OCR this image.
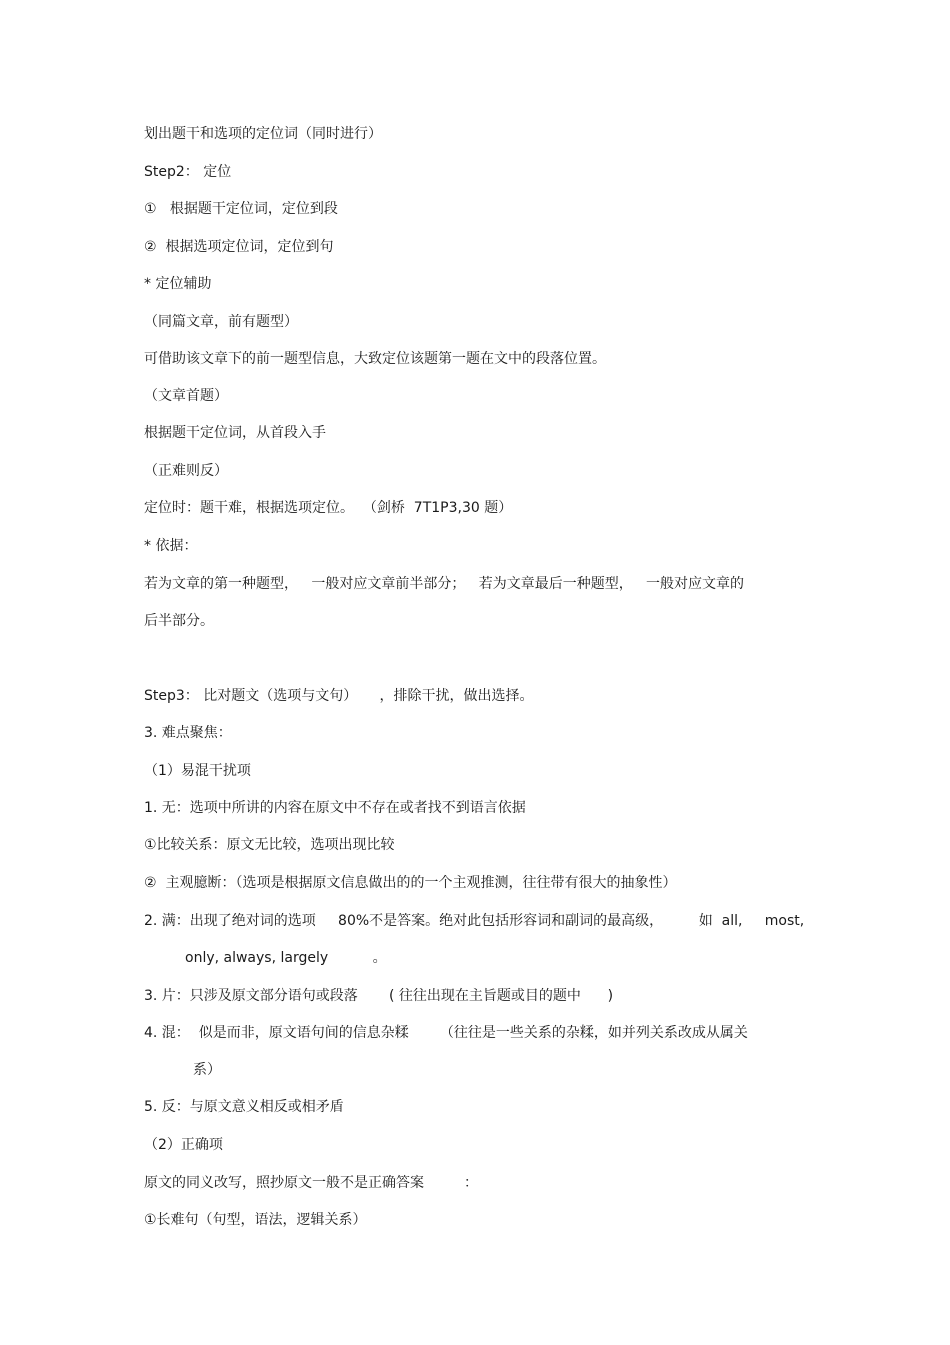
划出题干和选项的定位词（同时进行）
Step2： 定位
①   根据题干定位词，定位到段
②  根据选项定位词，定位到句
* 定位辅助
（同篇文章，前有题型）
可借助该文章下的前一题型信息，大致定位该题第一题在文中的段落位置。
（文章首题）
根据题干定位词，从首段入手
（正难则反）
定位时：题干难，根据选项定位。  （剑桥  7T1P3,30 题）
* 依据：
若为文章的第一种题型，   一般对应文章前半部分；   若为文章最后一种题型，   一般对应文章的
后半部分。
Step3： 比对题文（选项与文句）     ，排除干扰，做出选择。
3. 难点聚焦：
（1）易混干扰项
1. 无：选项中所讲的内容在原文中不存在或者找不到语言依据
①比较关系：原文无比较，选项出现比较
②  主观臆断：（选项是根据原文信息做出的的一个主观推测，往往带有很大的抽象性）
2. 满：出现了绝对词的选项     80%不是答案。绝对此包括形容词和副词的最高级，        如  all,     most,
only, always, largely          。
3. 片：只涉及原文部分语句或段落       ( 往往出现在主旨题或目的题中      )
4. 混：  似是而非，原文语句间的信息杂糅       （往往是一些关系的杂糅，如并列关系改成从属关
系）
5. 反：与原文意义相反或相矛盾
（2）正确项
原文的同义改写，照抄原文一般不是正确答案         ：
①长难句（句型，语法，逻辑关系）
